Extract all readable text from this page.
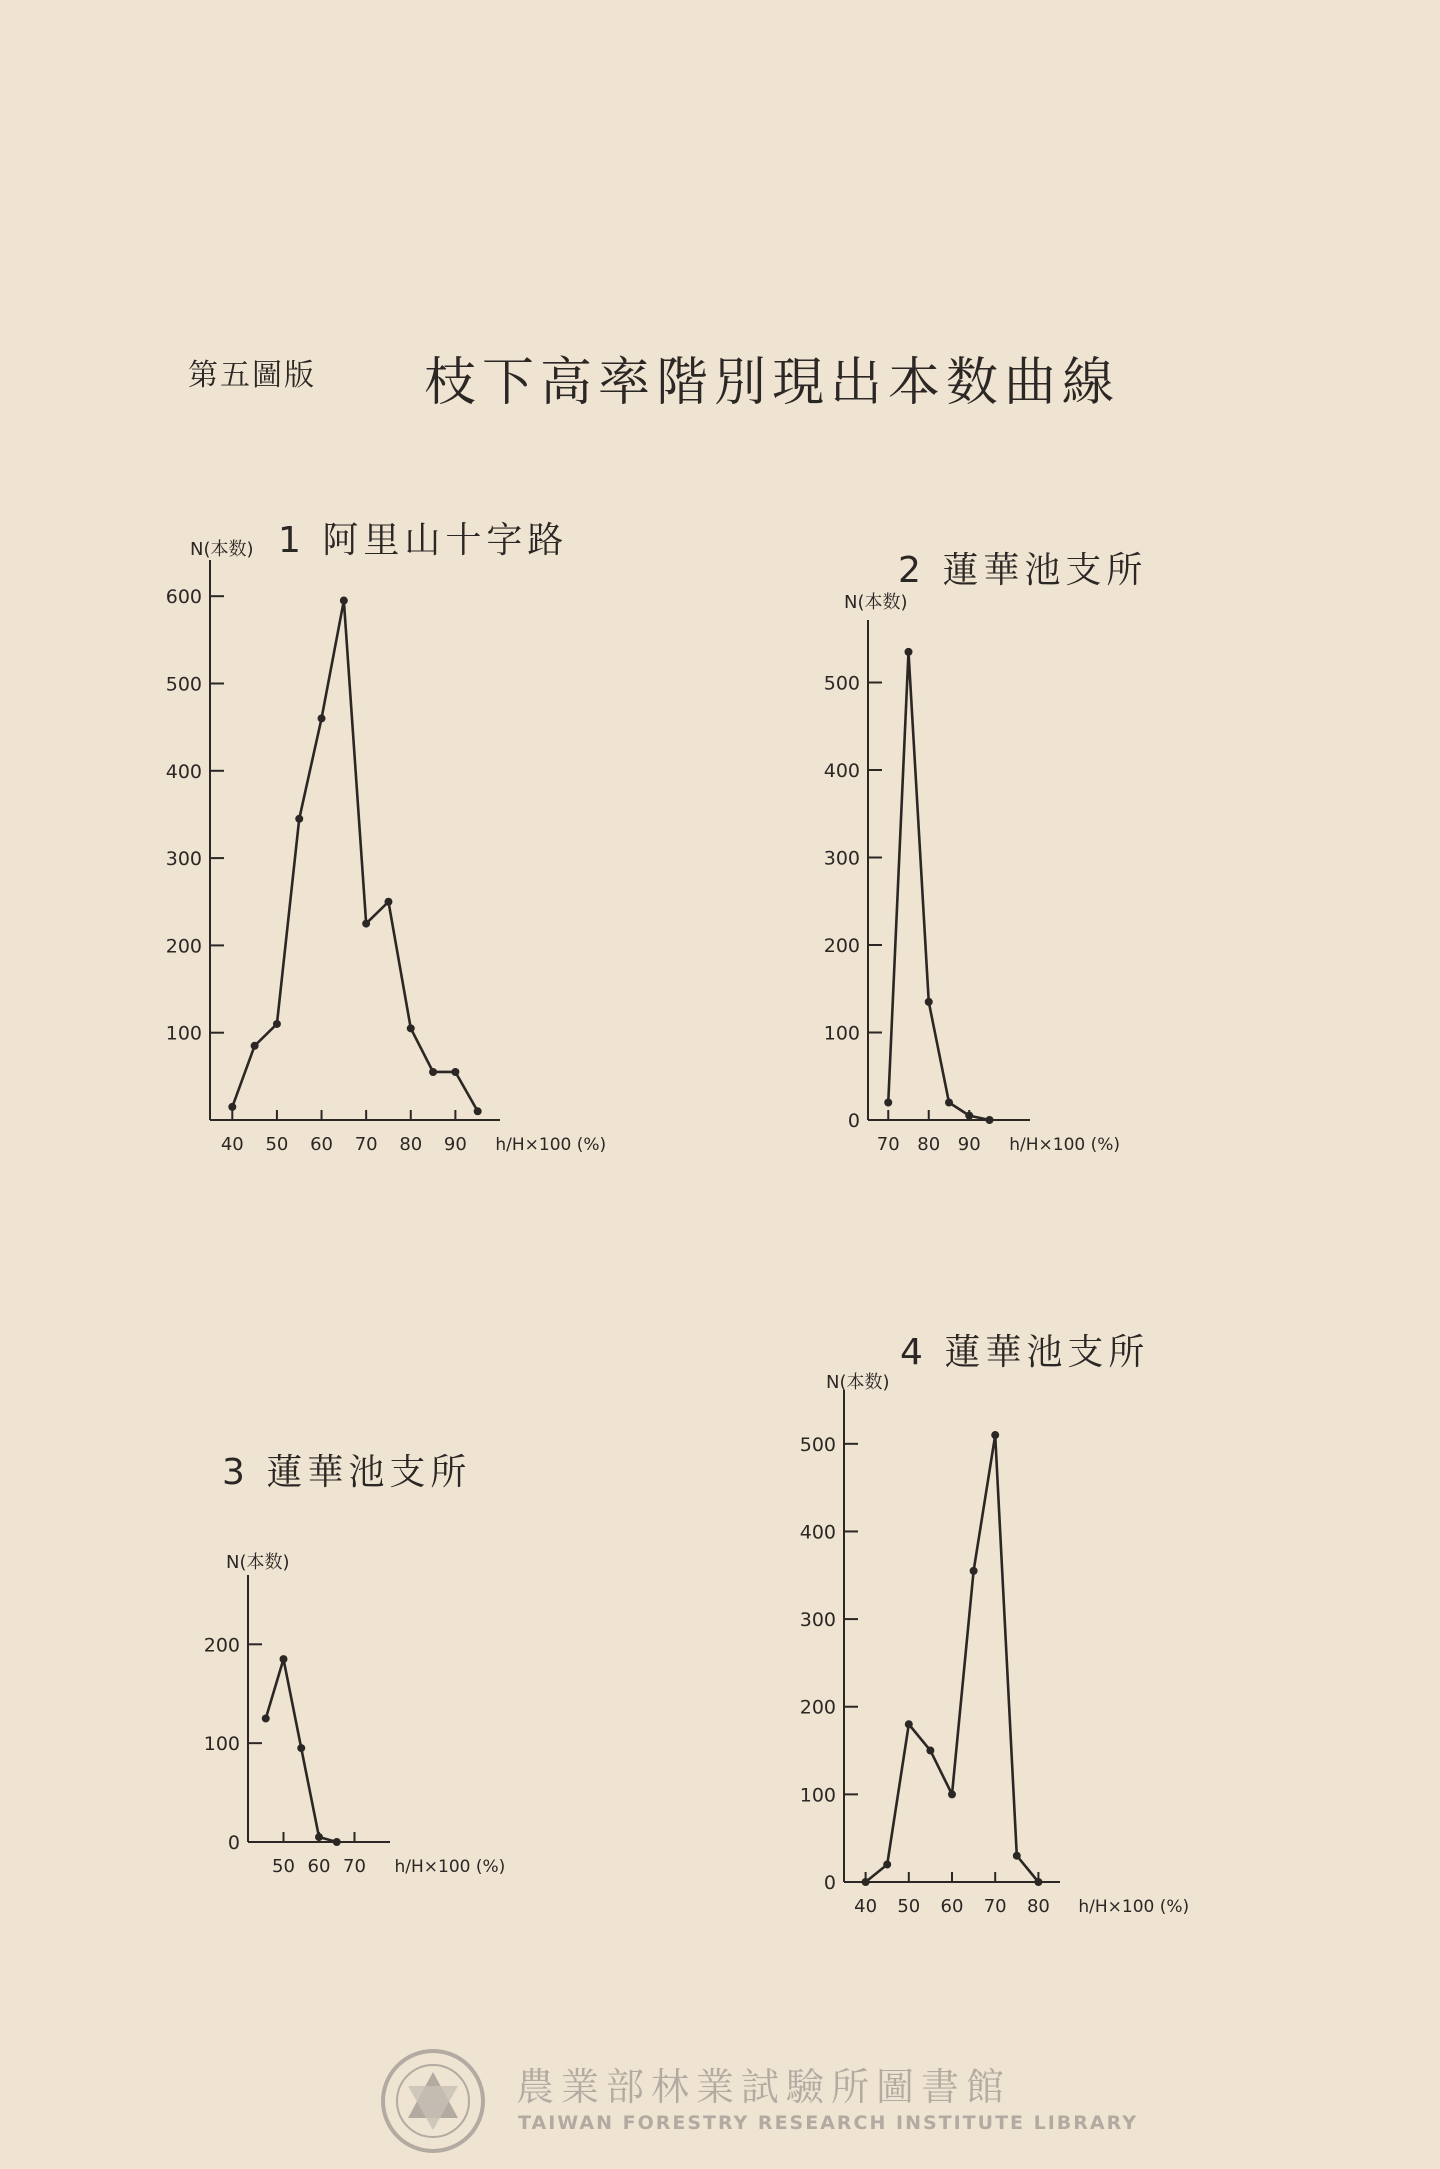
第五圖版 枝下高率階別現出本数曲線
1 阿里山十字路
2 蓮華池支所
3 蓮華池支所
4 蓮華池支所
100
200
300
400
500
600
40 50 60 70 80 90
N(本数)
h/H×100 (%)
0
100
200
300
400
500
70 80 90
N(本数)
h/H×100 (%)
0
100
200
50 60 70
N(本数)
h/H×100 (%)
0
100
200
300
400
500
40 50 60 70 80
N(本数)
h/H×100 (%)
農業部林業試驗所圖書館
TAIWAN FORESTRY RESEARCH INSTITUTE LIBRARY
